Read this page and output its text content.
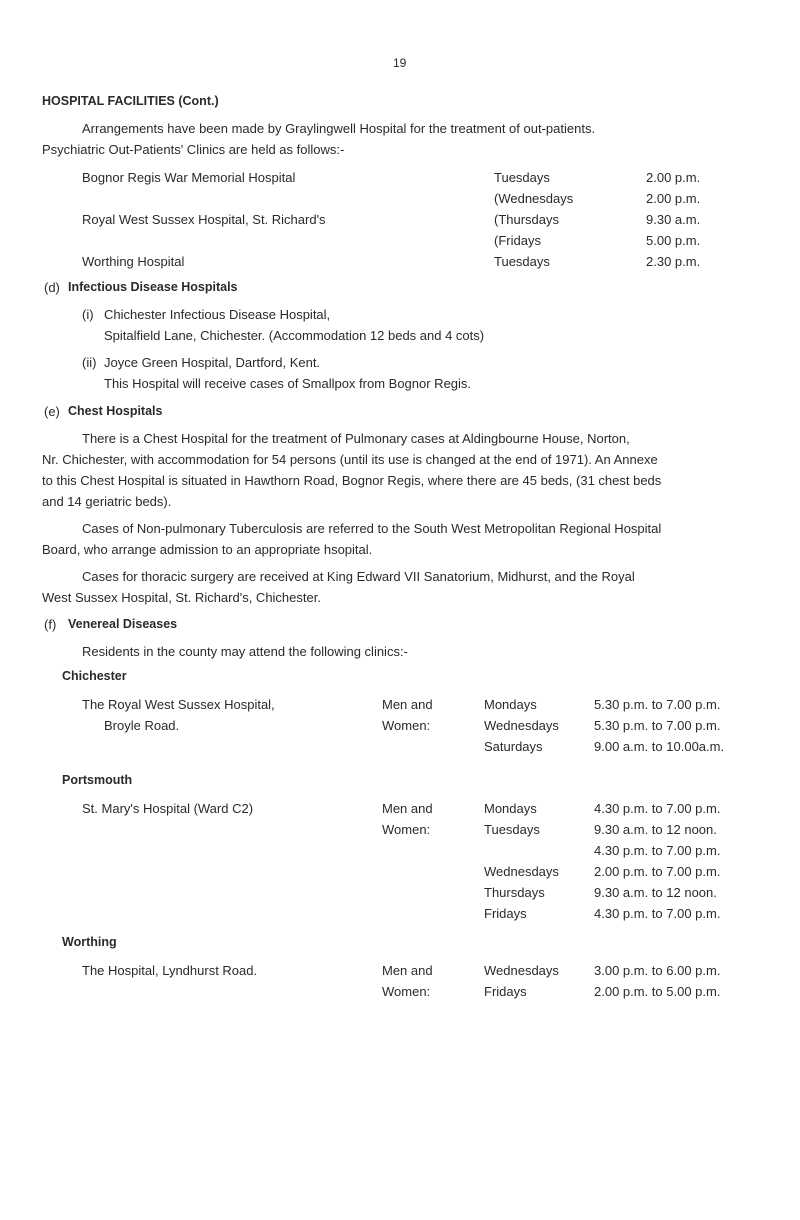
19
HOSPITAL FACILITIES (Cont.)
Arrangements have been made by Graylingwell Hospital for the treatment of out-patients.
Psychiatric Out-Patients' Clinics are held as follows:-
Bognor Regis War Memorial Hospital	Tuesdays	2.00 p.m.
(Wednesdays	2.00 p.m.
Royal West Sussex Hospital, St. Richard's	(Thursdays	9.30 a.m.
(Fridays	5.00 p.m.
Worthing Hospital	Tuesdays	2.30 p.m.
(d) Infectious Disease Hospitals
(i) Chichester Infectious Disease Hospital,
Spitalfield Lane, Chichester. (Accommodation 12 beds and 4 cots)
(ii) Joyce Green Hospital, Dartford, Kent.
This Hospital will receive cases of Smallpox from Bognor Regis.
(e) Chest Hospitals
There is a Chest Hospital for the treatment of Pulmonary cases at Aldingbourne House, Norton,
Nr. Chichester, with accommodation for 54 persons (until its use is changed at the end of 1971). An Annexe
to this Chest Hospital is situated in Hawthorn Road, Bognor Regis, where there are 45 beds, (31 chest beds
and 14 geriatric beds).
Cases of Non-pulmonary Tuberculosis are referred to the South West Metropolitan Regional Hospital
Board, who arrange admission to an appropriate hsopital.
Cases for thoracic surgery are received at King Edward VII Sanatorium, Midhurst, and the Royal
West Sussex Hospital, St. Richard's, Chichester.
(f) Venereal Diseases
Residents in the county may attend the following clinics:-
Chichester
The Royal West Sussex Hospital,	Men and	Mondays	5.30 p.m. to 7.00 p.m.
Broyle Road.	Women:	Wednesdays	5.30 p.m. to 7.00 p.m.
Saturdays	9.00 a.m. to 10.00a.m.
Portsmouth
St. Mary's Hospital (Ward C2)	Men and	Mondays	4.30 p.m. to 7.00 p.m.
Women:	Tuesdays	9.30 a.m. to 12 noon.
4.30 p.m. to 7.00 p.m.
Wednesdays	2.00 p.m. to 7.00 p.m.
Thursdays	9.30 a.m. to 12 noon.
Fridays	4.30 p.m. to 7.00 p.m.
Worthing
The Hospital, Lyndhurst Road.	Men and	Wednesdays	3.00 p.m. to 6.00 p.m.
Women:	Fridays	2.00 p.m. to 5.00 p.m.
